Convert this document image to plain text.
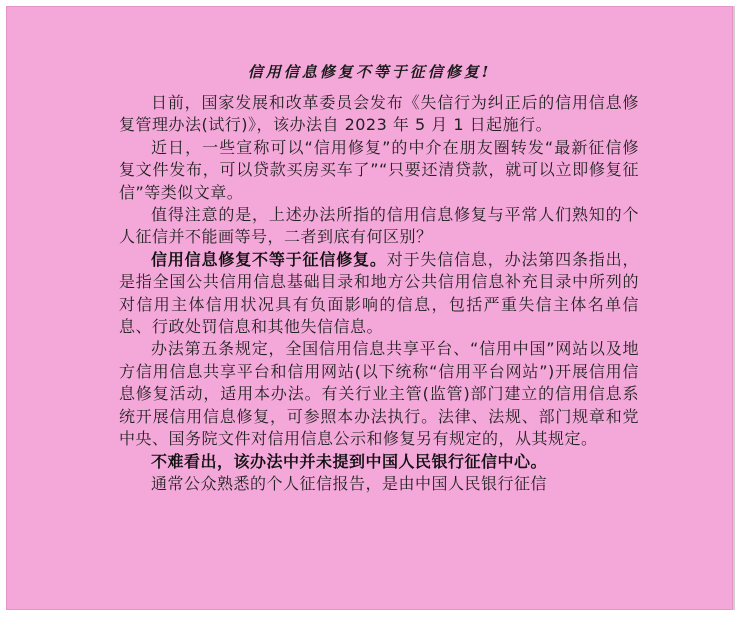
信用信息修复不等于征信修复!

日前，国家发展和改革委员会发布《失信行为纠正后的信用信息修复管理办法(试行)》，该办法自 2023 年 5 月 1 日起施行。

近日，一些宣称可以“信用修复”的中介在朋友圈转发“最新征信修复文件发布，可以贷款买房买车了”“只要还清贷款，就可以立即修复征信”等类似文章。

值得注意的是，上述办法所指的信用信息修复与平常人们熟知的个人征信并不能画等号，二者到底有何区别？

信用信息修复不等于征信修复。对于失信信息，办法第四条指出，是指全国公共信用信息基础目录和地方公共信用信息补充目录中所列的对信用主体信用状况具有负面影响的信息，包括严重失信主体名单信息、行政处罚信息和其他失信信息。

办法第五条规定，全国信用信息共享平台、“信用中国”网站以及地方信用信息共享平台和信用网站(以下统称“信用平台网站”)开展信用信息修复活动，适用本办法。有关行业主管(监管)部门建立的信用信息系统开展信用信息修复，可参照本办法执行。法律、法规、部门规章和党中央、国务院文件对信用信息公示和修复另有规定的，从其规定。

不难看出，该办法中并未提到中国人民银行征信中心。

通常公众熟悉的个人征信报告，是由中国人民银行征信
